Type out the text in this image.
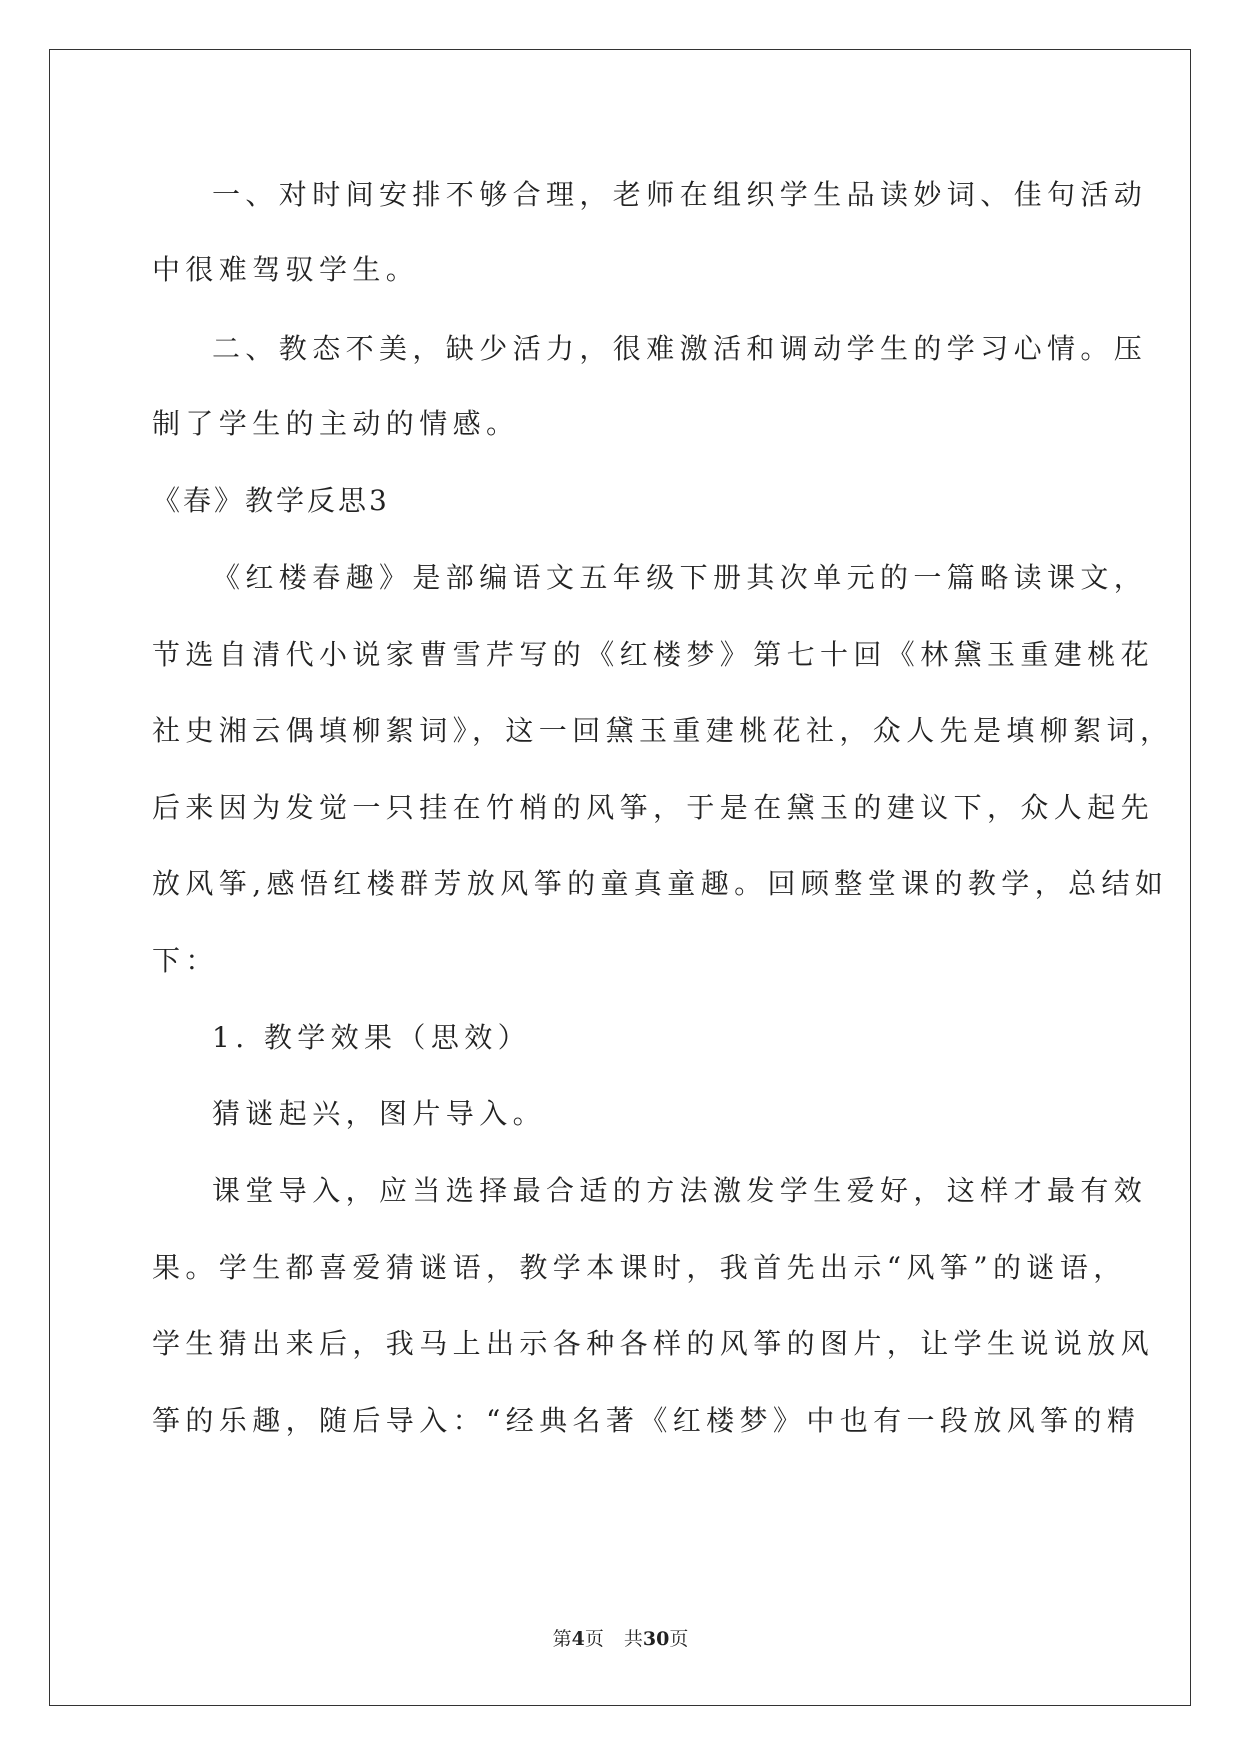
一、对时间安排不够合理，老师在组织学生品读妙词、佳句活动
中很难驾驭学生。
二、教态不美，缺少活力，很难激活和调动学生的学习心情。压
制了学生的主动的情感。
《春》教学反思3
《红楼春趣》是部编语文五年级下册其次单元的一篇略读课文，
节选自清代小说家曹雪芹写的《红楼梦》第七十回《林黛玉重建桃花
社史湘云偶填柳絮词》，这一回黛玉重建桃花社，众人先是填柳絮词，
后来因为发觉一只挂在竹梢的风筝，于是在黛玉的建议下，众人起先
放风筝,感悟红楼群芳放风筝的童真童趣。回顾整堂课的教学，总结如
下：
1. 教学效果（思效）
猜谜起兴，图片导入。
课堂导入，应当选择最合适的方法激发学生爱好，这样才最有效
果。学生都喜爱猜谜语，教学本课时，我首先出示“风筝”的谜语，
学生猜出来后，我马上出示各种各样的风筝的图片，让学生说说放风
筝的乐趣，随后导入：“经典名著《红楼梦》中也有一段放风筝的精
第4页 共30页
